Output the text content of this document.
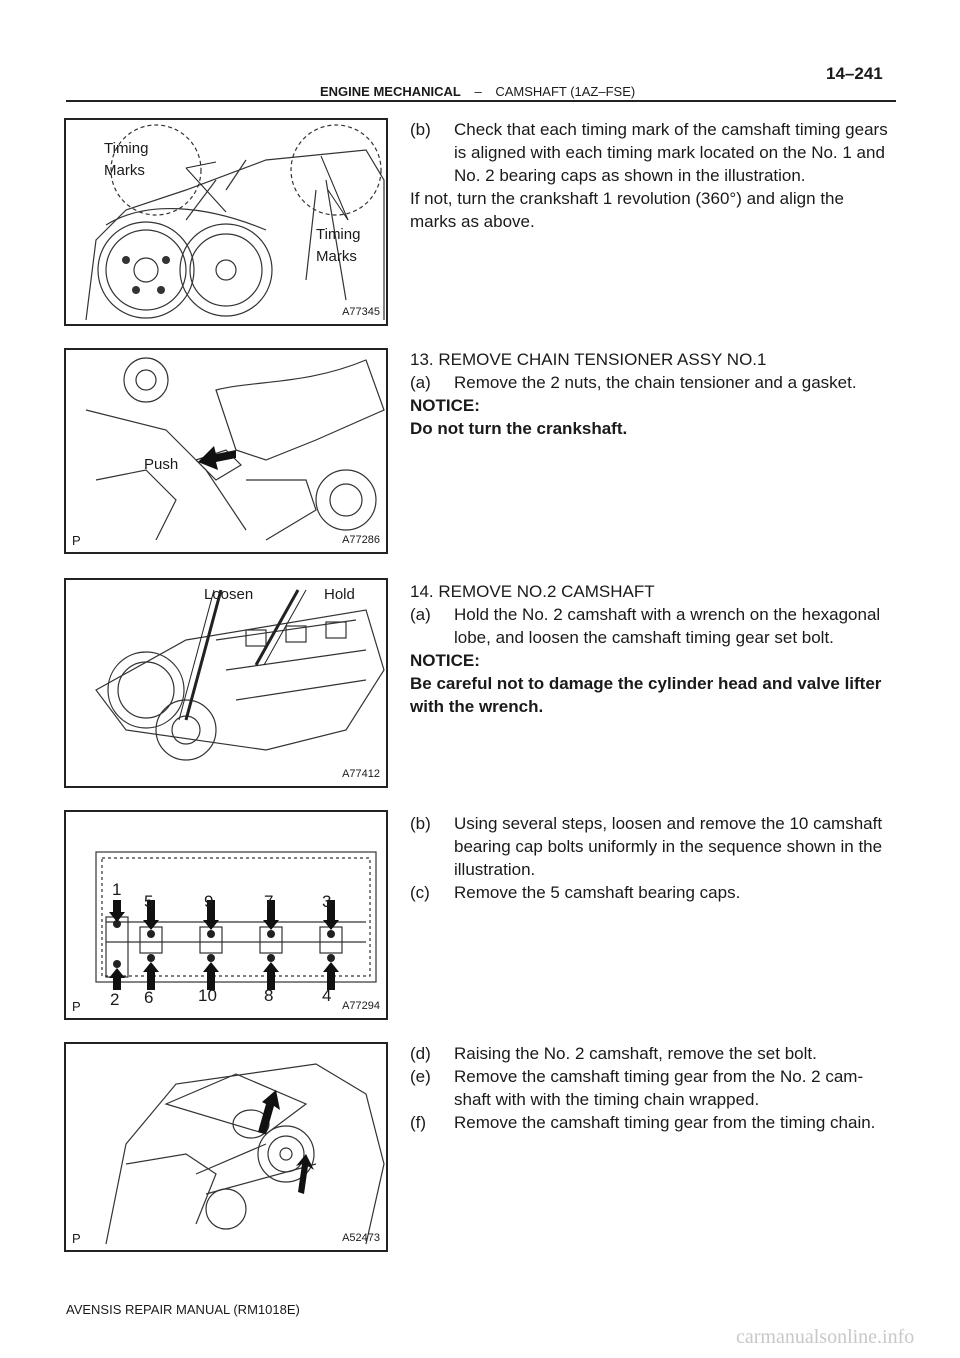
14–241
ENGINE MECHANICAL – CAMSHAFT (1AZ–FSE)
Timing
Marks
Timing
Marks
A77345
Push
P	A77286
Loosen	Hold
A77412
1
5	9	7	3
2 6	10	8	4
P	A77294
P	A52473
(b) Check that each timing mark of the camshaft timing gears
is aligned with each timing mark located on the No. 1 and
No. 2 bearing caps as shown in the illustration.
If not, turn the crankshaft 1 revolution (360°) and align the
marks as above.
13. REMOVE CHAIN TENSIONER ASSY NO.1
(a) Remove the 2 nuts, the chain tensioner and a gasket.
NOTICE:
Do not turn the crankshaft.
14. REMOVE NO.2 CAMSHAFT
(a) Hold the No. 2 camshaft with a wrench on the hexagonal
lobe, and loosen the camshaft timing gear set bolt.
NOTICE:
Be careful not to damage the cylinder head and valve lifter
with the wrench.
(b) Using several steps, loosen and remove the 10 camshaft
bearing cap bolts uniformly in the sequence shown in the
illustration.
(c) Remove the 5 camshaft bearing caps.
(d) Raising the No. 2 camshaft, remove the set bolt.
(e) Remove the camshaft timing gear from the No. 2 cam-
shaft with with the timing chain wrapped.
(f) Remove the camshaft timing gear from the timing chain.
AVENSIS REPAIR MANUAL (RM1018E)
carmanualsonline.info
